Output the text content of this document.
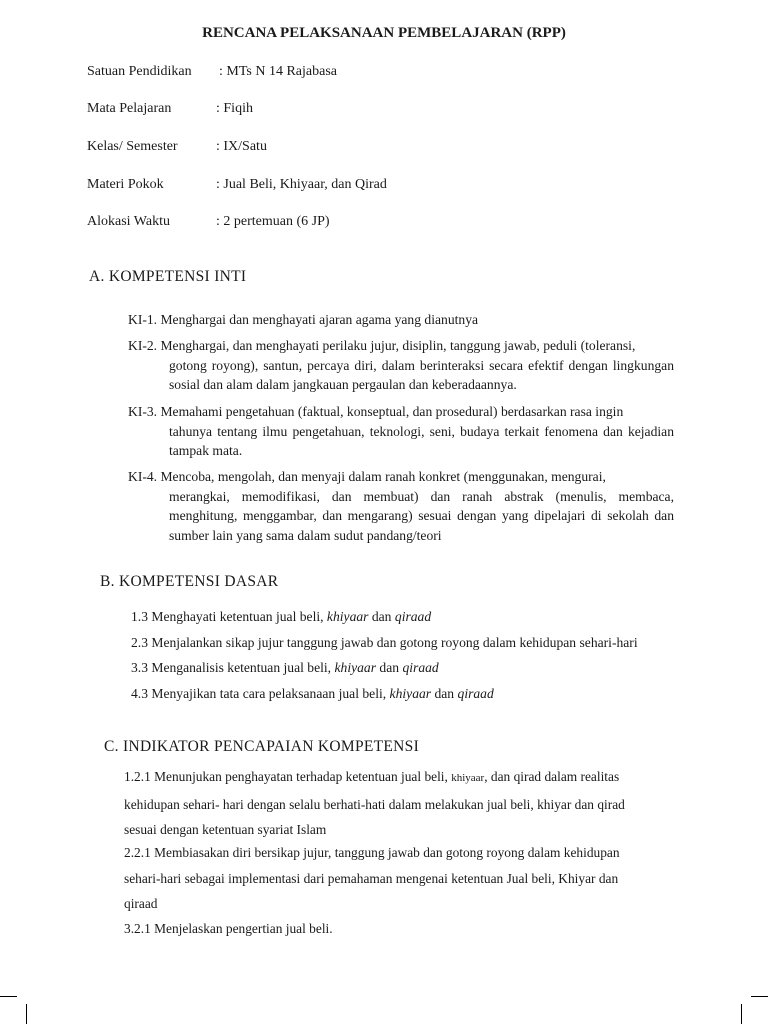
RENCANA PELAKSANAAN PEMBELAJARAN (RPP)
Satuan Pendidikan : MTs N 14 Rajabasa
Mata Pelajaran	: Fiqih
Kelas/ Semester	: IX/Satu
Materi Pokok	: Jual Beli, Khiyaar, dan Qirad
Alokasi Waktu	: 2 pertemuan (6 JP)
A. KOMPETENSI INTI
KI-1. Menghargai dan menghayati ajaran agama yang dianutnya
KI-2. Menghargai, dan menghayati perilaku jujur, disiplin, tanggung jawab, peduli (toleransi,
gotong royong), santun, percaya diri, dalam berinteraksi secara efektif dengan lingkungan sosial dan alam dalam jangkauan pergaulan dan keberadaannya.
KI-3. Memahami pengetahuan (faktual, konseptual, dan prosedural) berdasarkan rasa ingin
tahunya tentang ilmu pengetahuan, teknologi, seni, budaya terkait fenomena dan kejadian tampak mata.
KI-4. Mencoba, mengolah, dan menyaji dalam ranah konkret (menggunakan, mengurai,
merangkai, memodifikasi, dan membuat) dan ranah abstrak (menulis, membaca, menghitung, menggambar, dan mengarang) sesuai dengan yang dipelajari di sekolah dan sumber lain yang sama dalam sudut pandang/teori
B. KOMPETENSI DASAR
1.3 Menghayati ketentuan jual beli, khiyaar dan qiraad
2.3 Menjalankan sikap jujur tanggung jawab dan gotong royong dalam kehidupan sehari-hari
3.3 Menganalisis ketentuan jual beli, khiyaar dan qiraad
4.3 Menyajikan tata cara pelaksanaan jual beli, khiyaar dan qiraad
C. INDIKATOR PENCAPAIAN KOMPETENSI
1.2.1 Menunjukan penghayatan terhadap ketentuan jual beli, khiyaar, dan qirad dalam realitas
kehidupan sehari- hari dengan selalu berhati-hati dalam melakukan jual beli, khiyar dan qirad
sesuai dengan ketentuan syariat Islam
2.2.1 Membiasakan diri bersikap jujur, tanggung jawab dan gotong royong dalam kehidupan
sehari-hari sebagai implementasi dari pemahaman mengenai ketentuan Jual beli, Khiyar dan
qiraad
3.2.1 Menjelaskan pengertian jual beli.
